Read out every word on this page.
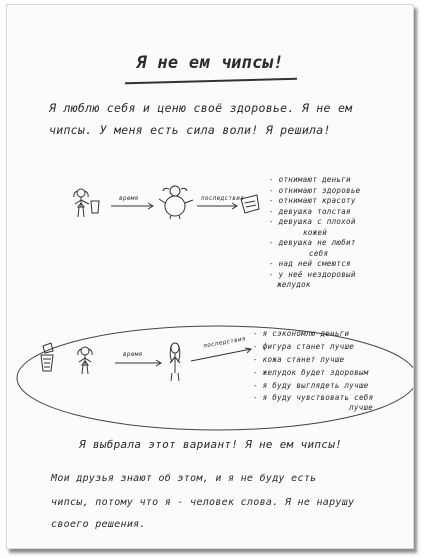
Я не ем чипсы!
Я люблю себя и ценю своё здоровье. Я не ем
чипсы. У меня есть сила воли! Я решила!
время	последствия
- отнимают деньги
- отнимают здоровье
- отнимают красоту
- девушка толстая
- девушка с плохой
кожей
- девушка не любит
себя
- над ней смеются
- у неё нездоровый
желудок
время
последствия
- я сэкономлю деньги
- фигура станет лучше
- кожа станет лучше
- желудок будет здоровым
- я буду выглядеть лучше
- я буду чувствовать себя
лучше
Я выбрала этот вариант! Я не ем чипсы!
Мои друзья знают об этом, и я не буду есть
чипсы, потому что я - человек слова. Я не нарушу
своего решения.
